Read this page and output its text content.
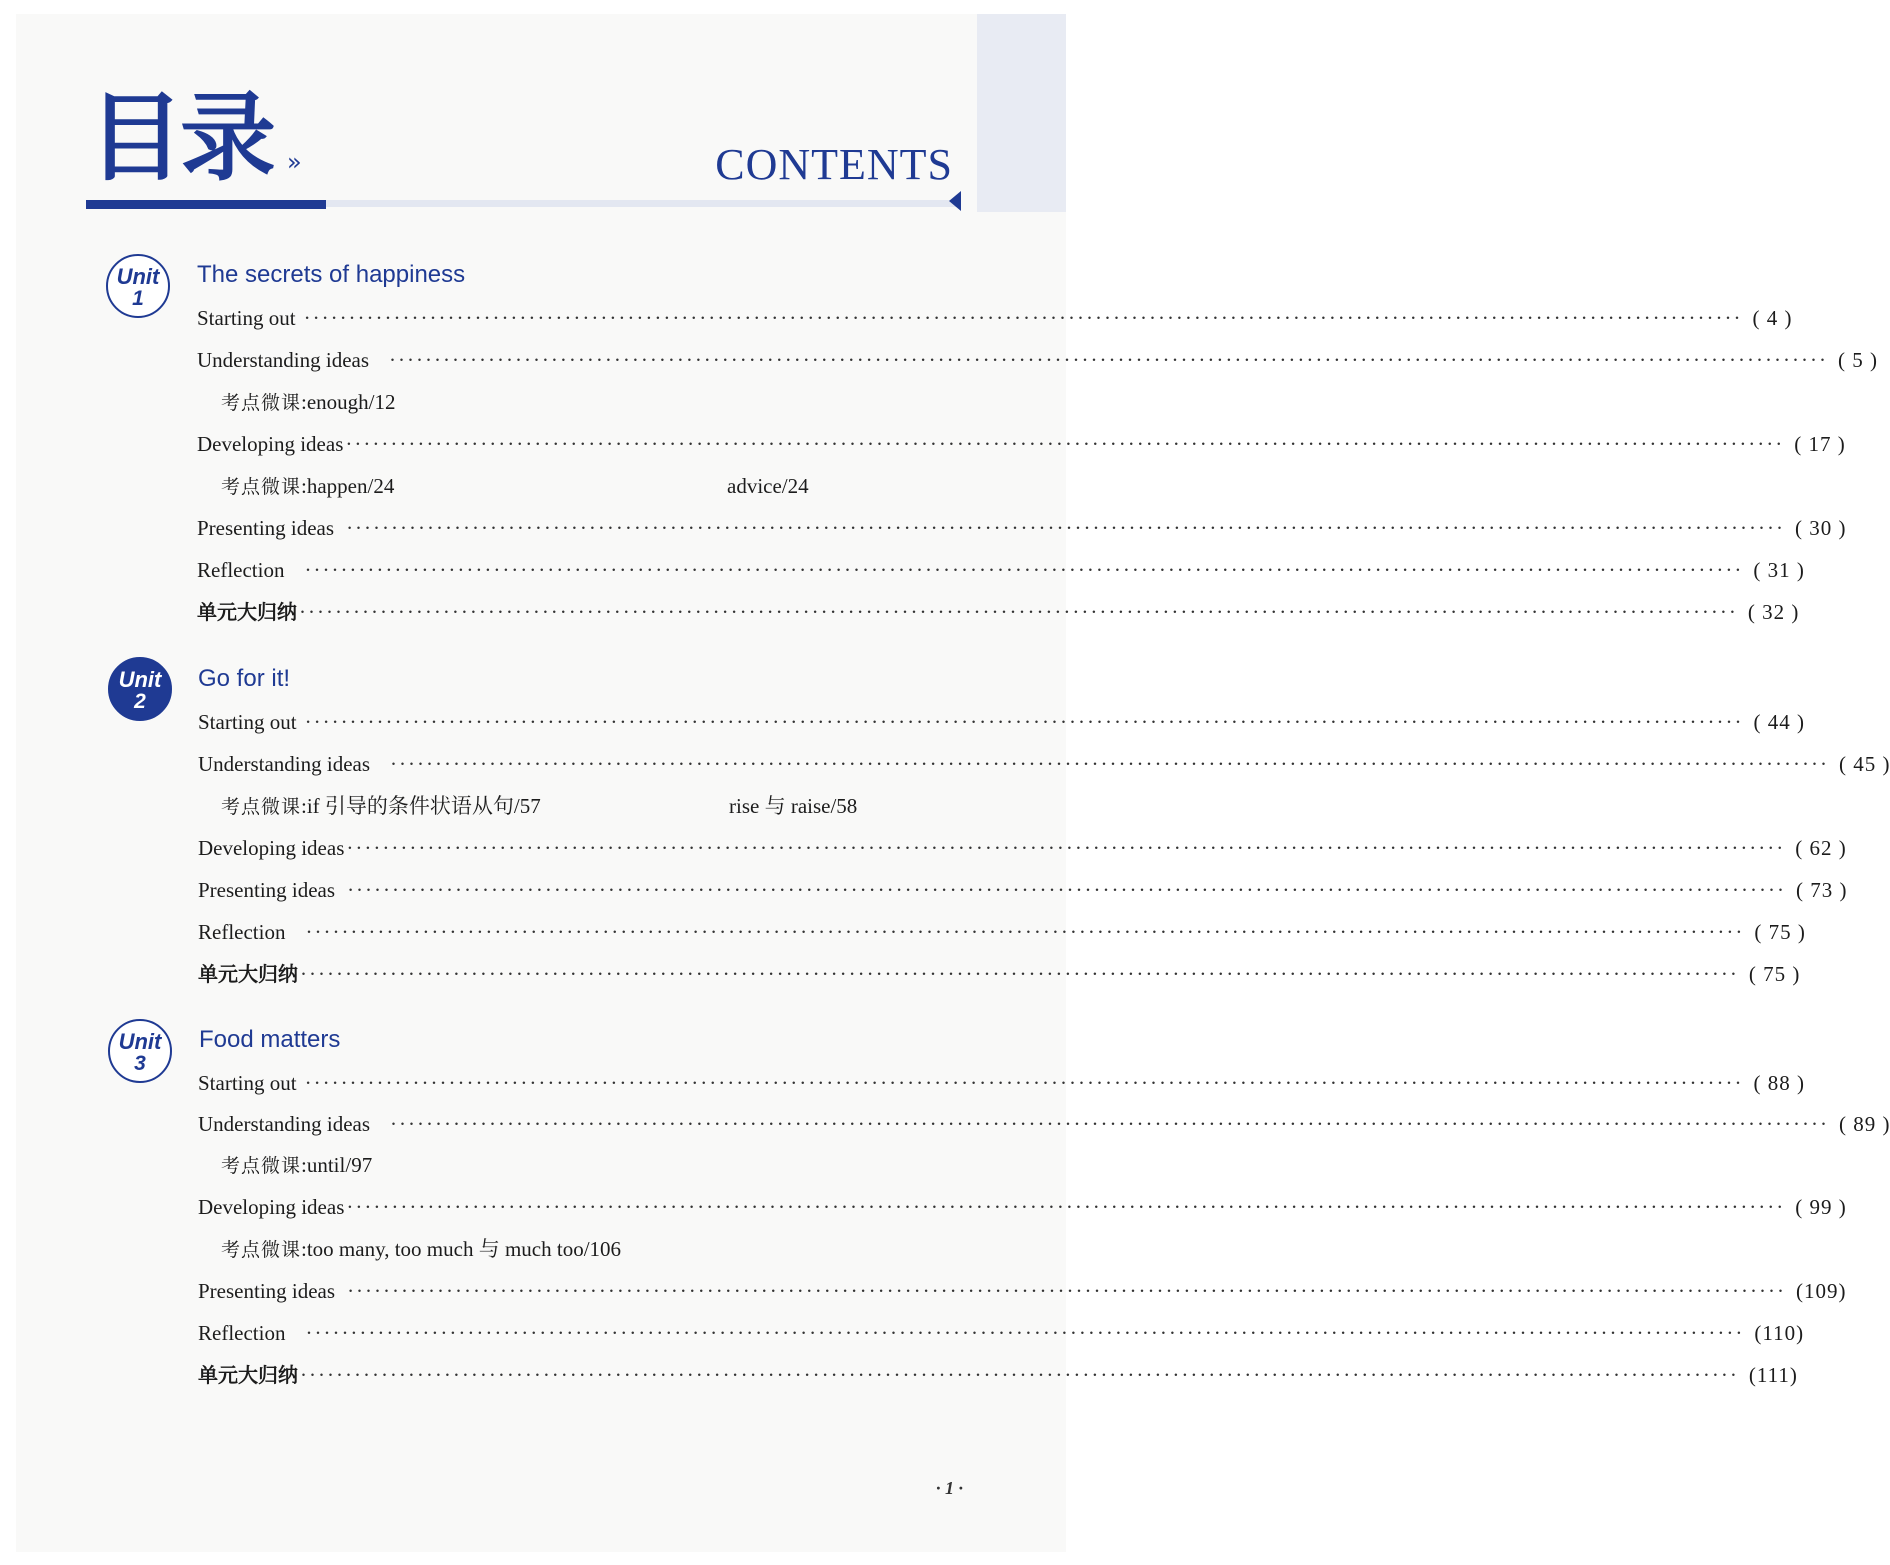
目录 »	CONTENTS
Unit
1
The secrets of happiness
Starting out ································································································································································ ( 4 )
Understanding ideas ································································································································································ ( 5 )
考点微课:enough/12
Developing ideas ································································································································································ ( 17 )
考点微课:happen/24	advice/24
Presenting ideas ································································································································································ ( 30 )
Reflection ································································································································································ ( 31 )
单元大归纳 ································································································································································ ( 32 )
Unit
2
Go for it!
Starting out ································································································································································ ( 44 )
Understanding ideas ································································································································································ ( 45 )
考点微课:if 引导的条件状语从句/57	rise 与 raise/58
Developing ideas ································································································································································ ( 62 )
Presenting ideas ································································································································································ ( 73 )
Reflection ································································································································································ ( 75 )
单元大归纳 ································································································································································ ( 75 )
Unit
3
Food matters
Starting out ································································································································································ ( 88 )
Understanding ideas ································································································································································ ( 89 )
考点微课:until/97
Developing ideas ································································································································································ ( 99 )
考点微课:too many, too much 与 much too/106
Presenting ideas ································································································································································ (109)
Reflection ································································································································································ (110)
单元大归纳 ································································································································································ (111)
· 1 ·
